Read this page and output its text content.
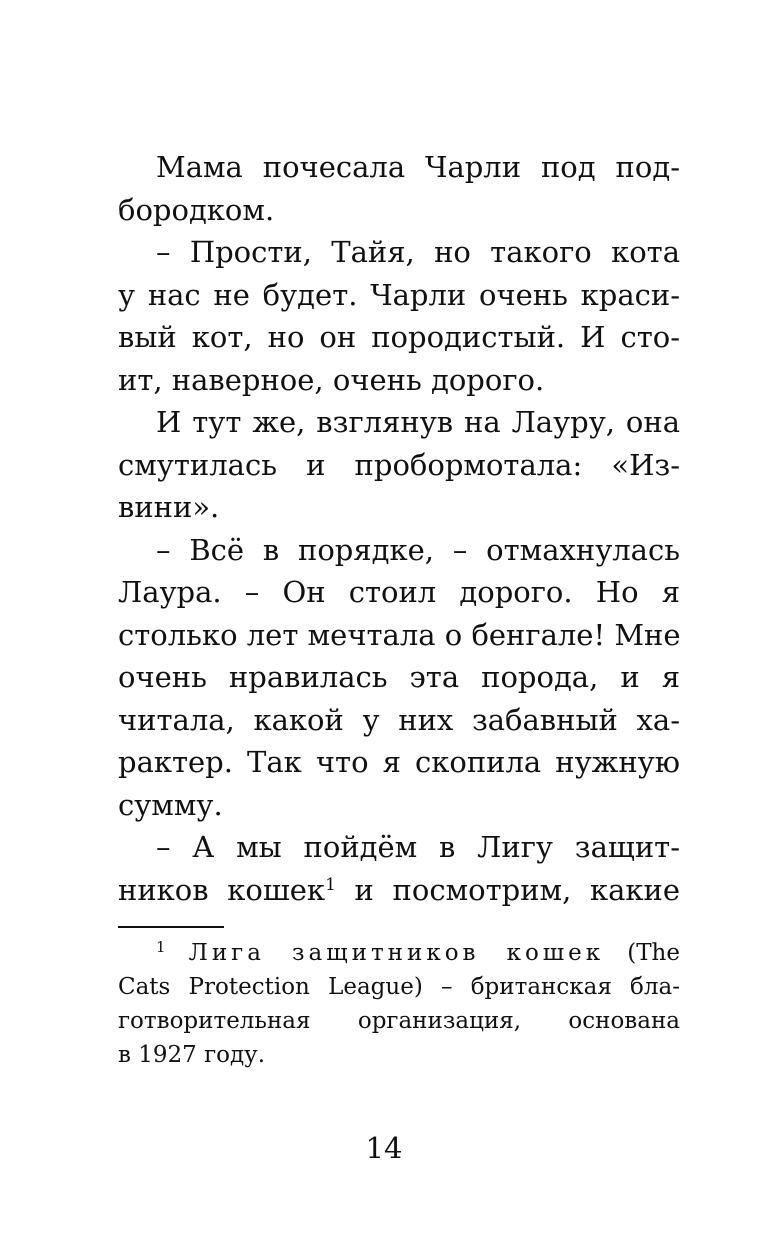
Мама почесала Чарли под под-
бородком.
– Прости, Тайя, но такого кота
у нас не будет. Чарли очень краси-
вый кот, но он породистый. И сто-
ит, наверное, очень дорого.
И тут же, взглянув на Лауру, она
смутилась и пробормотала: «Из-
вини».
– Всё в порядке, – отмахнулась
Лаура. – Он стоил дорого. Но я
столько лет мечтала о бенгале! Мне
очень нравилась эта порода, и я
читала, какой у них забавный ха-
рактер. Так что я скопила нужную
сумму.
– А мы пойдём в Лигу защит-
ников кошек$^1$ и посмотрим, какие
$^1$ Лига защитников кошек (The
Cats Protection League) – британская бла-
готворительная организация, основана
в 1927 году.
14
